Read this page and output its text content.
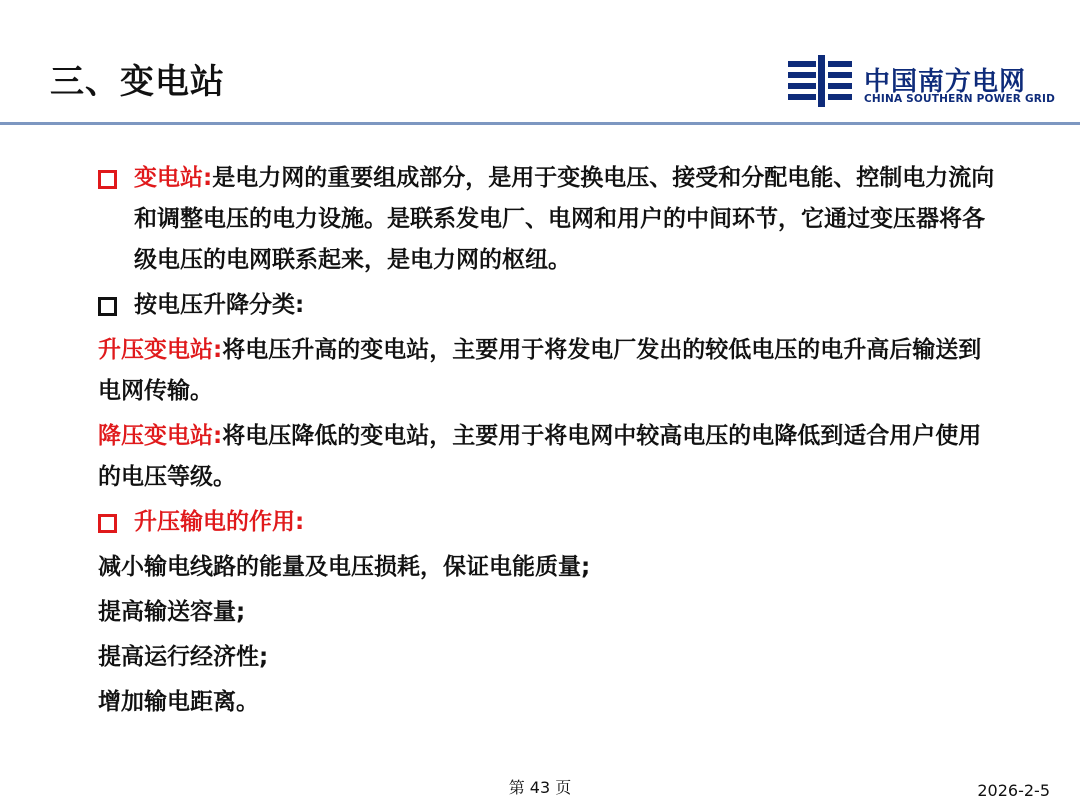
三、变电站	中国南方电网
CHINA SOUTHERN POWER GRID

变电站:是电力网的重要组成部分，是用于变换电压、接受和分配电能、控制电力流向和调整电压的电力设施。是联系发电厂、电网和用户的中间环节，它通过变压器将各级电压的电网联系起来，是电力网的枢纽。

按电压升降分类:

升压变电站:将电压升高的变电站，主要用于将发电厂发出的较低电压的电升高后输送到电网传输。

降压变电站:将电压降低的变电站，主要用于将电网中较高电压的电降低到适合用户使用的电压等级。

升压输电的作用:

减小输电线路的能量及电压损耗，保证电能质量;

提高输送容量;

提高运行经济性;

增加输电距离。

第 43 页	2026-2-5
